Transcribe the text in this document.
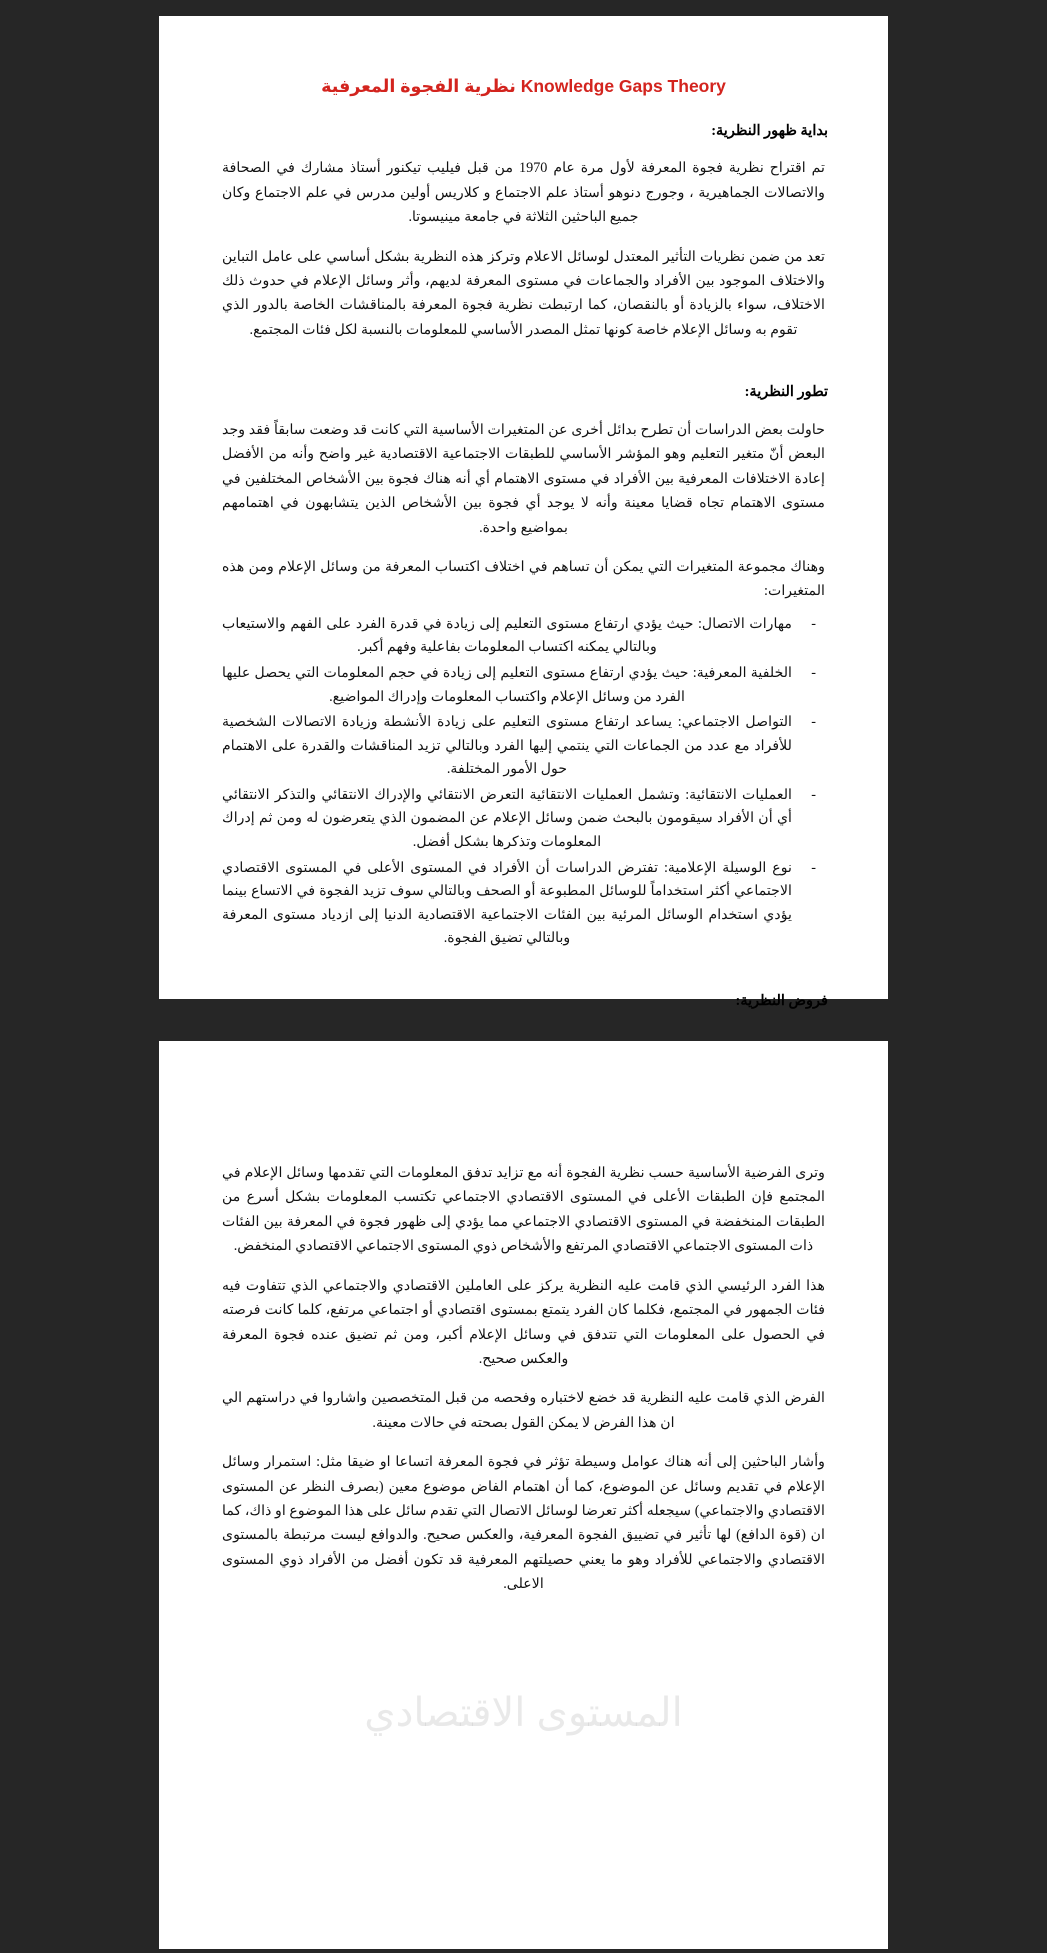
Knowledge Gaps Theory نظرية الفجوة المعرفية
بداية ظهور النظرية:

تم اقتراح نظرية فجوة المعرفة لأول مرة عام 1970 من قبل فيليب تيكنور أستاذ مشارك في الصحافة والاتصالات الجماهيرية ، وجورج دنوهو أستاذ علم الاجتماع و كلاريس أولين مدرس في علم الاجتماع وكان جميع الباحثين الثلاثة في جامعة مينيسوتا.

تعد من ضمن نظريات التأثير المعتدل لوسائل الاعلام وتركز هذه النظرية بشكل أساسي على عامل التباين والاختلاف الموجود بين الأفراد والجماعات في مستوى المعرفة لديهم، وأثر وسائل الإعلام في حدوث ذلك الاختلاف، سواء بالزيادة أو بالنقصان، كما ارتبطت نظرية فجوة المعرفة بالمناقشات الخاصة بالدور الذي تقوم به وسائل الإعلام خاصة كونها تمثل المصدر الأساسي للمعلومات بالنسبة لكل فئات المجتمع.

تطور النظرية:

حاولت بعض الدراسات أن تطرح بدائل أخرى عن المتغيرات الأساسية التي كانت قد وضعت سابقاً فقد وجد البعض أنّ متغير التعليم وهو المؤشر الأساسي للطبقات الاجتماعية الاقتصادية غير واضح وأنه من الأفضل إعادة الاختلافات المعرفية بين الأفراد في مستوى الاهتمام أي أنه هناك فجوة بين الأشخاص المختلفين في مستوى الاهتمام تجاه قضايا معينة وأنه لا يوجد أي فجوة بين الأشخاص الذين يتشابهون في اهتمامهم بمواضيع واحدة.

وهناك مجموعة المتغيرات التي يمكن أن تساهم في اختلاف اكتساب المعرفة من وسائل الإعلام ومن هذه المتغيرات:

-
مهارات الاتصال: حيث يؤدي ارتفاع مستوى التعليم إلى زيادة في قدرة الفرد على الفهم والاستيعاب وبالتالي يمكنه اكتساب المعلومات بفاعلية وفهم أكبر.
-
الخلفية المعرفية: حيث يؤدي ارتفاع مستوى التعليم إلى زيادة في حجم المعلومات التي يحصل عليها الفرد من وسائل الإعلام واكتساب المعلومات وإدراك المواضيع.
-
التواصل الاجتماعي: يساعد ارتفاع مستوى التعليم على زيادة الأنشطة وزيادة الاتصالات الشخصية للأفراد مع عدد من الجماعات التي ينتمي إليها الفرد وبالتالي تزيد المناقشات والقدرة على الاهتمام حول الأمور المختلفة.
-
العمليات الانتقائية: وتشمل العمليات الانتقائية التعرض الانتقائي والإدراك الانتقائي والتذكر الانتقائي أي أن الأفراد سيقومون بالبحث ضمن وسائل الإعلام عن المضمون الذي يتعرضون له ومن ثم إدراك المعلومات وتذكرها بشكل أفضل.
-
نوع الوسيلة الإعلامية: تفترض الدراسات أن الأفراد في المستوى الأعلى في المستوى الاقتصادي الاجتماعي أكثر استخداماً للوسائل المطبوعة أو الصحف وبالتالي سوف تزيد الفجوة في الاتساع بينما يؤدي استخدام الوسائل المرئية بين الفئات الاجتماعية الاقتصادية الدنيا إلى ازدياد مستوى المعرفة وبالتالي تضيق الفجوة.
فروض النظرية:
المستوى الاقتصادي

وترى الفرضية الأساسية حسب نظرية الفجوة أنه مع تزايد تدفق المعلومات التي تقدمها وسائل الإعلام في المجتمع فإن الطبقات الأعلى في المستوى الاقتصادي الاجتماعي تكتسب المعلومات بشكل أسرع من الطبقات المنخفضة في المستوى الاقتصادي الاجتماعي مما يؤدي إلى ظهور فجوة في المعرفة بين الفئات ذات المستوى الاجتماعي الاقتصادي المرتفع والأشخاص ذوي المستوى الاجتماعي الاقتصادي المنخفض.

هذا الفرد الرئيسي الذي قامت عليه النظرية يركز على العاملين الاقتصادي والاجتماعي الذي تتفاوت فيه فئات الجمهور في المجتمع، فكلما كان الفرد يتمتع بمستوى اقتصادي أو اجتماعي مرتفع، كلما كانت فرصته في الحصول على المعلومات التي تتدفق في وسائل الإعلام أكبر، ومن ثم تضيق عنده فجوة المعرفة والعكس صحيح.

الفرض الذي قامت عليه النظرية قد خضع لاختباره وفحصه من قبل المتخصصين واشاروا في دراستهم الي ان هذا الفرض لا يمكن القول بصحته في حالات معينة.

وأشار الباحثين إلى أنه هناك عوامل وسيطة تؤثر في فجوة المعرفة اتساعا او ضيقا مثل: استمرار وسائل الإعلام في تقديم وسائل عن الموضوع، كما أن اهتمام الفاض موضوع معين (بصرف النظر عن المستوى الاقتصادي والاجتماعي) سيجعله أكثر تعرضا لوسائل الاتصال التي تقدم سائل على هذا الموضوع او ذاك، كما ان (قوة الدافع) لها تأثير في تضييق الفجوة المعرفية، والعكس صحيح. والدوافع ليست مرتبطة بالمستوى الاقتصادي والاجتماعي للأفراد وهو ما يعني حصيلتهم المعرفية قد تكون أفضل من الأفراد ذوي المستوى الاعلى.
